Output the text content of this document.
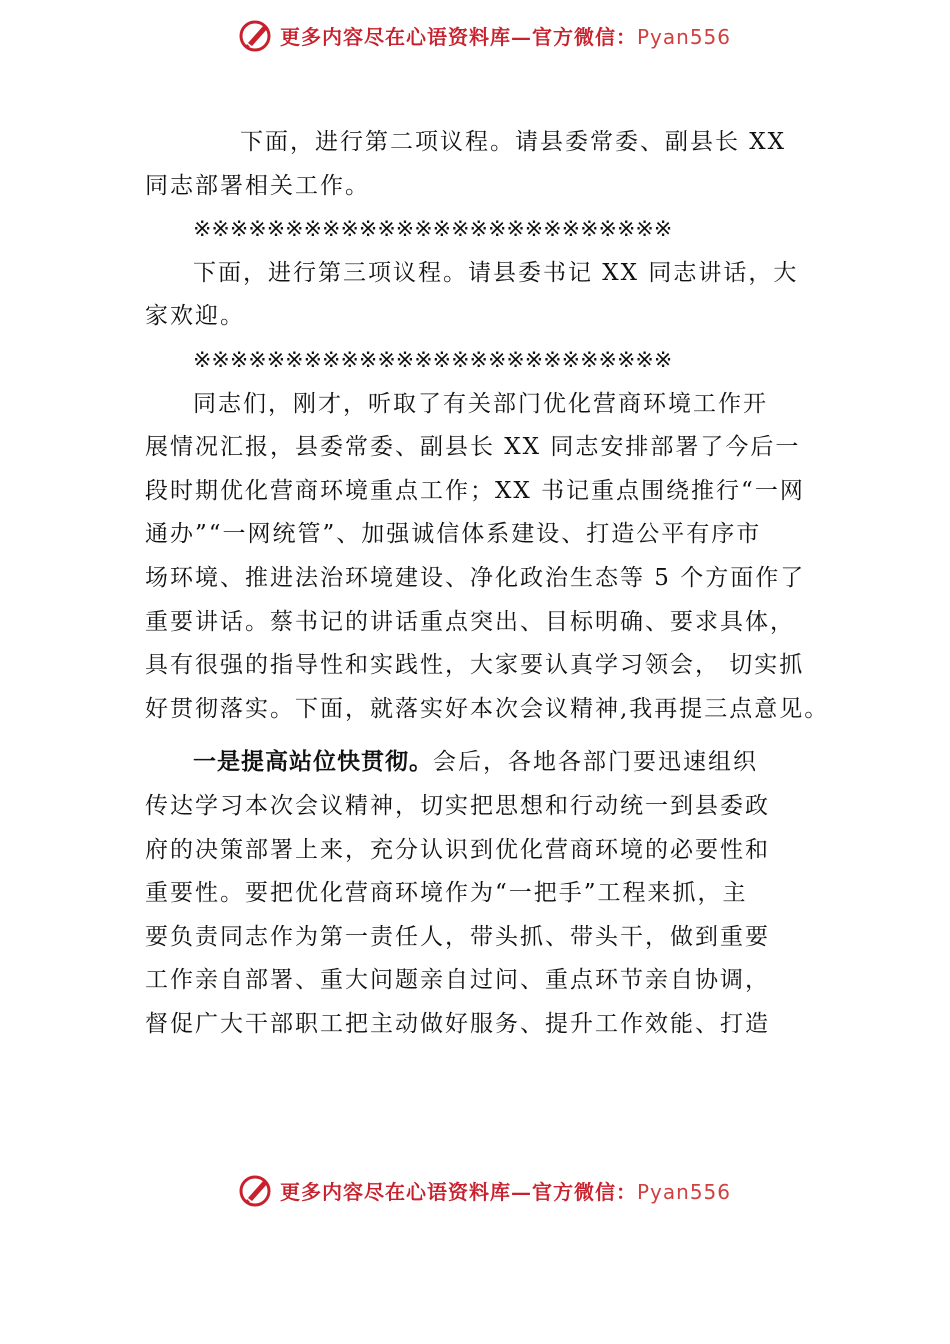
更多内容尽在心语资料库—官方微信：Pyan556
下面，进行第二项议程。请县委常委、副县长 XX
同志部署相关工作。
※※※※※※※※※※※※※※※※※※※※※※※※※※
下面，进行第三项议程。请县委书记 XX 同志讲话，大
家欢迎。
※※※※※※※※※※※※※※※※※※※※※※※※※※
同志们，刚才，听取了有关部门优化营商环境工作开
展情况汇报，县委常委、副县长 XX 同志安排部署了今后一
段时期优化营商环境重点工作；XX 书记重点围绕推行“一网
通办”“一网统管”、加强诚信体系建设、打造公平有序市
场环境、推进法治环境建设、净化政治生态等 5 个方面作了
重要讲话。蔡书记的讲话重点突出、目标明确、要求具体，
具有很强的指导性和实践性，大家要认真学习领会， 切实抓
好贯彻落实。下面，就落实好本次会议精神,我再提三点意见。
一是提高站位快贯彻。会后，各地各部门要迅速组织
传达学习本次会议精神，切实把思想和行动统一到县委政
府的决策部署上来，充分认识到优化营商环境的必要性和
重要性。要把优化营商环境作为“一把手”工程来抓，主
要负责同志作为第一责任人，带头抓、带头干，做到重要
工作亲自部署、重大问题亲自过问、重点环节亲自协调，
督促广大干部职工把主动做好服务、提升工作效能、打造
更多内容尽在心语资料库—官方微信：Pyan556
